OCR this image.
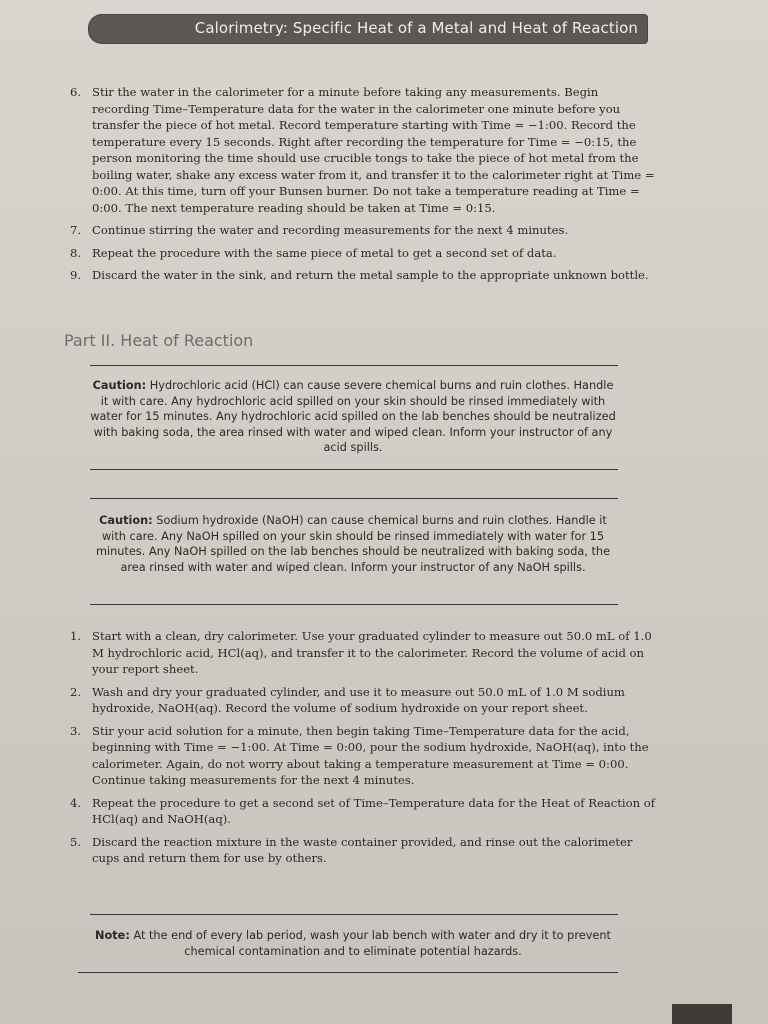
Calorimetry: Specific Heat of a Metal and Heat of Reaction
6. Stir the water in the calorimeter for a minute before taking any measurements. Begin recording Time–Temperature data for the water in the calorimeter one minute before you transfer the piece of hot metal. Record temperature starting with Time = −1:00. Record the temperature every 15 seconds. Right after recording the temperature for Time = −0:15, the person monitoring the time should use crucible tongs to take the piece of hot metal from the boiling water, shake any excess water from it, and transfer it to the calorimeter right at Time = 0:00. At this time, turn off your Bunsen burner. Do not take a temperature reading at Time = 0:00. The next temperature reading should be taken at Time = 0:15.
7. Continue stirring the water and recording measurements for the next 4 minutes.
8. Repeat the procedure with the same piece of metal to get a second set of data.
9. Discard the water in the sink, and return the metal sample to the appropriate unknown bottle.
Part II. Heat of Reaction
Caution: Hydrochloric acid (HCl) can cause severe chemical burns and ruin clothes. Handle it with care. Any hydrochloric acid spilled on your skin should be rinsed immediately with water for 15 minutes. Any hydrochloric acid spilled on the lab benches should be neutralized with baking soda, the area rinsed with water and wiped clean. Inform your instructor of any acid spills.
Caution: Sodium hydroxide (NaOH) can cause chemical burns and ruin clothes. Handle it with care. Any NaOH spilled on your skin should be rinsed immediately with water for 15 minutes. Any NaOH spilled on the lab benches should be neutralized with baking soda, the area rinsed with water and wiped clean. Inform your instructor of any NaOH spills.
1. Start with a clean, dry calorimeter. Use your graduated cylinder to measure out 50.0 mL of 1.0 M hydrochloric acid, HCl(aq), and transfer it to the calorimeter. Record the volume of acid on your report sheet.
2. Wash and dry your graduated cylinder, and use it to measure out 50.0 mL of 1.0 M sodium hydroxide, NaOH(aq). Record the volume of sodium hydroxide on your report sheet.
3. Stir your acid solution for a minute, then begin taking Time–Temperature data for the acid, beginning with Time = −1:00. At Time = 0:00, pour the sodium hydroxide, NaOH(aq), into the calorimeter. Again, do not worry about taking a temperature measurement at Time = 0:00. Continue taking measurements for the next 4 minutes.
4. Repeat the procedure to get a second set of Time–Temperature data for the Heat of Reaction of HCl(aq) and NaOH(aq).
5. Discard the reaction mixture in the waste container provided, and rinse out the calorimeter cups and return them for use by others.
Note: At the end of every lab period, wash your lab bench with water and dry it to prevent chemical contamination and to eliminate potential hazards.
